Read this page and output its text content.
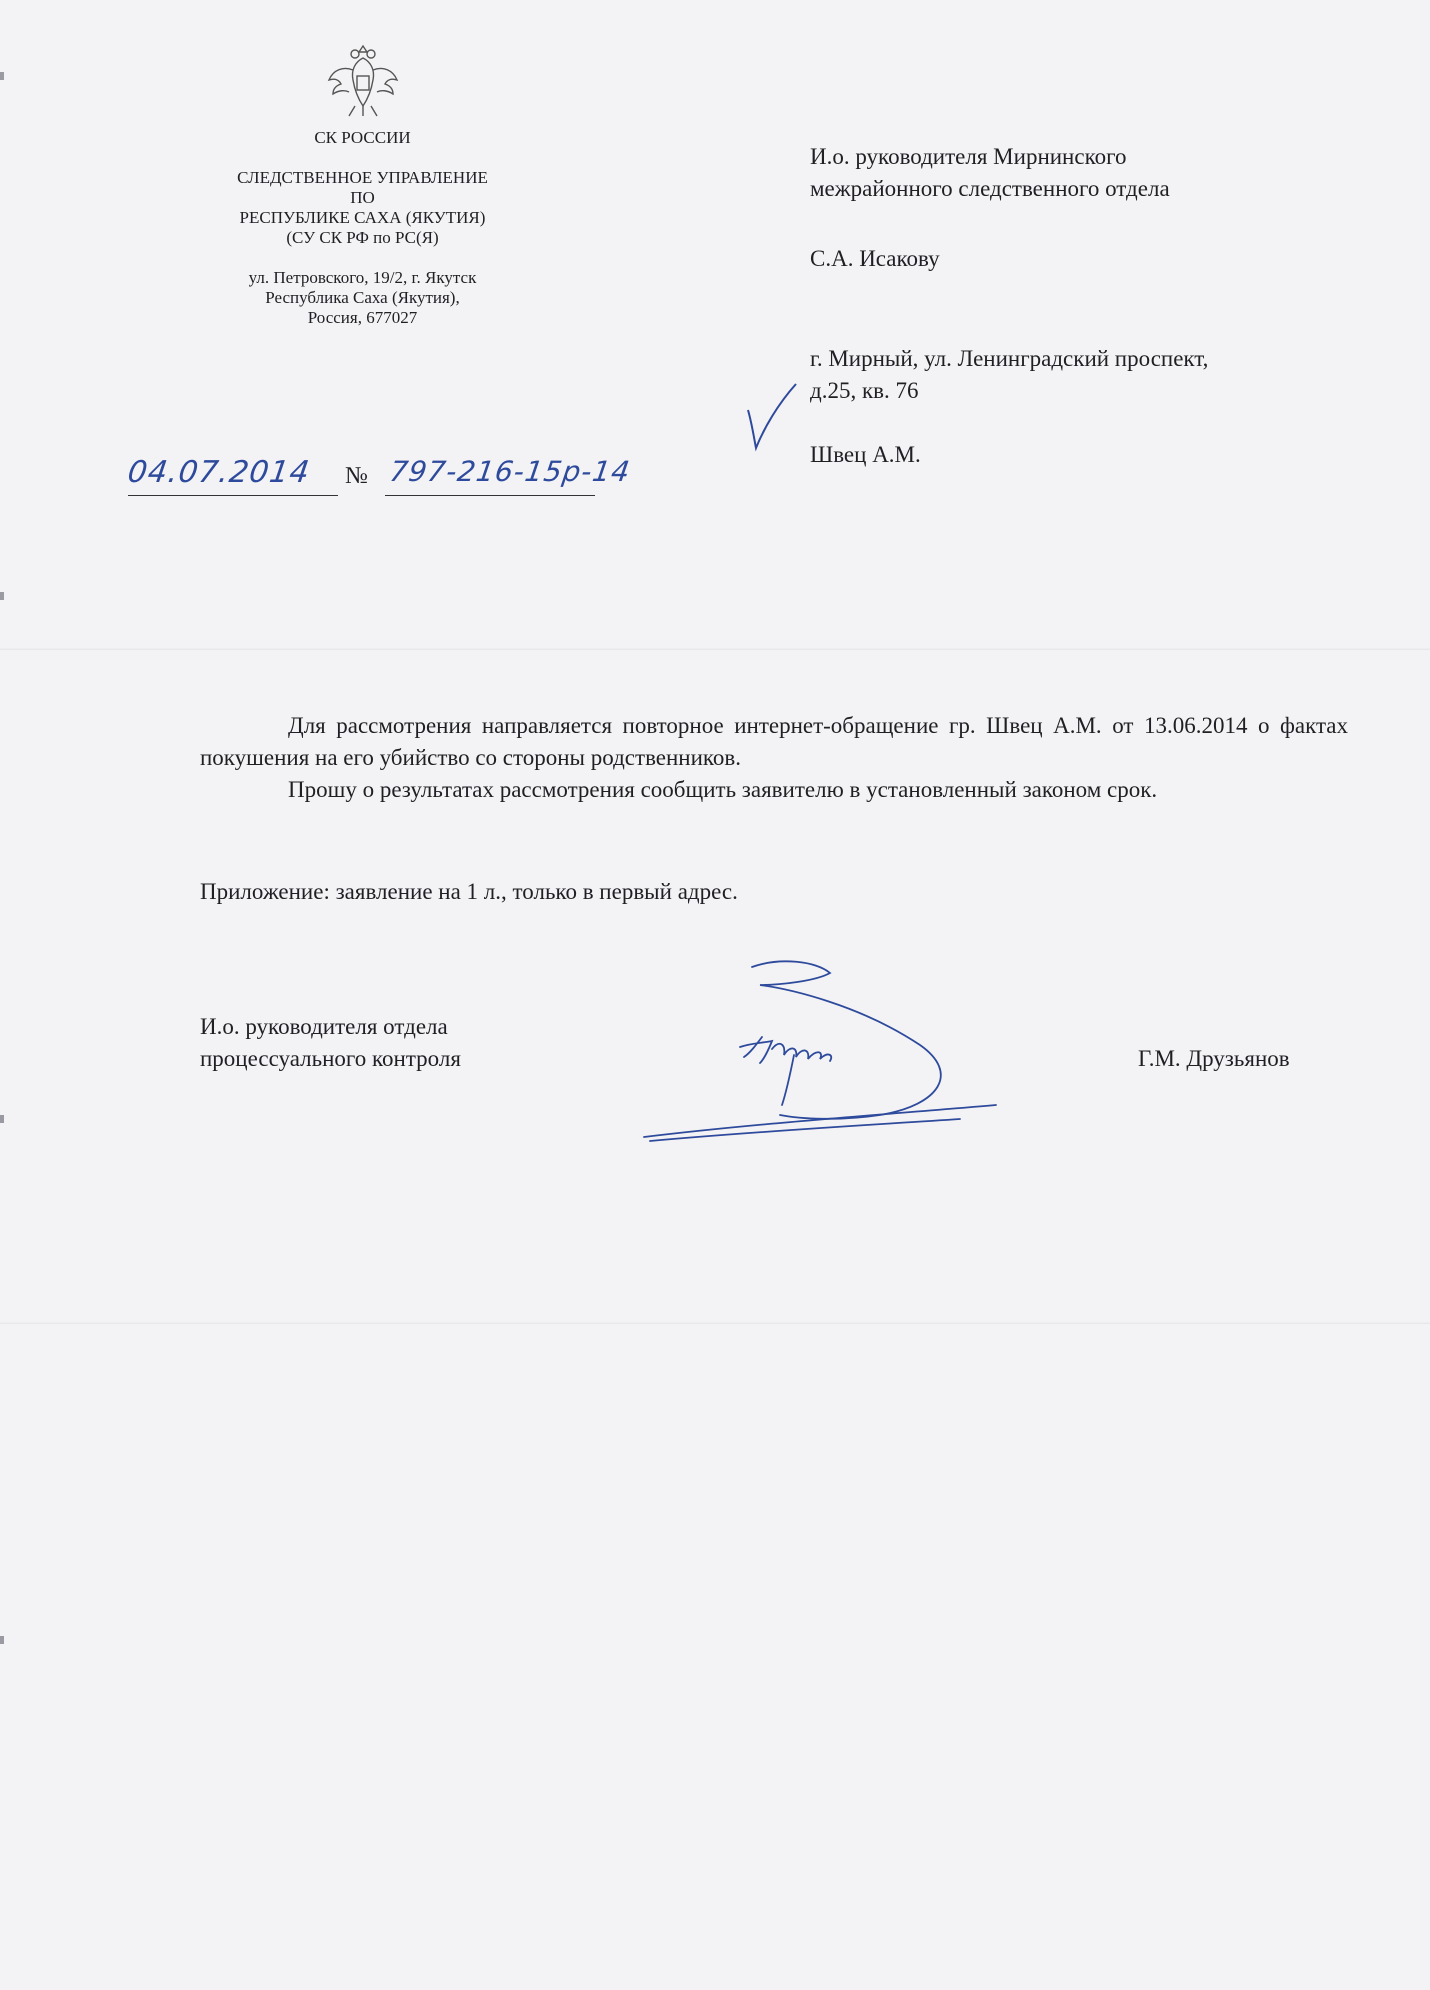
СК РОССИИ
СЛЕДСТВЕННОЕ УПРАВЛЕНИЕ
ПО
РЕСПУБЛИКЕ САХА (ЯКУТИЯ)
(СУ СК РФ по РС(Я)
ул. Петровского, 19/2, г. Якутск
Республика Саха (Якутия),
Россия, 677027
04.07.2014 № 797-216-15р-14
И.о. руководителя Мирнинского
межрайонного следственного отдела
С.А. Исакову
г. Мирный, ул. Ленинградский проспект,
д.25, кв. 76
Швец А.М.
Для рассмотрения направляется повторное интернет-обращение гр. Швец А.М. от 13.06.2014 о фактах покушения на его убийство со стороны родственников.
Прошу о результатах рассмотрения сообщить заявителю в установленный законом срок.
Приложение: заявление на 1 л., только в первый адрес.
И.о. руководителя отдела
процессуального контроля	Г.М. Друзьянов
